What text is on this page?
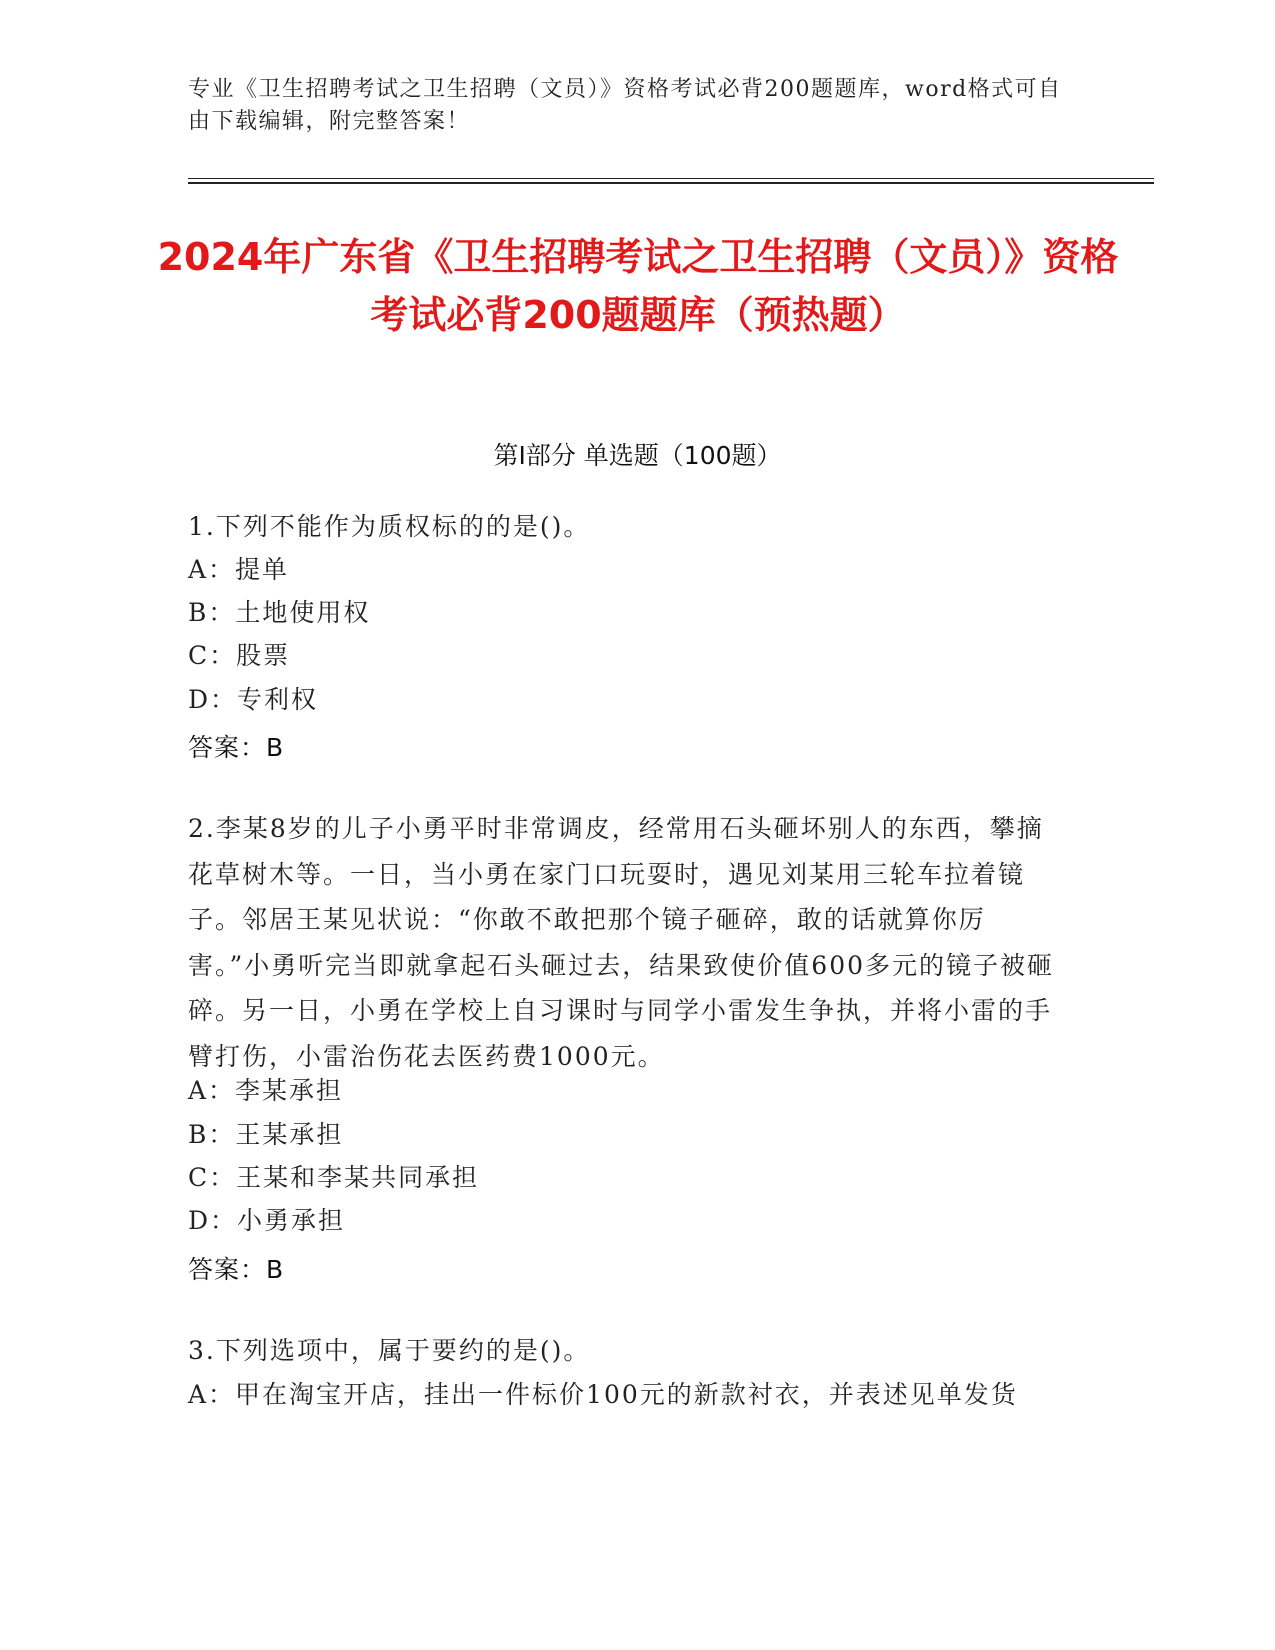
专业《卫生招聘考试之卫生招聘（文员）》资格考试必背200题题库，word格式可自由下载编辑，附完整答案！
2024年广东省《卫生招聘考试之卫生招聘（文员）》资格考试必背200题题库（预热题）
第I部分 单选题（100题）
1.下列不能作为质权标的的是()。
A：提单
B：土地使用权
C：股票
D：专利权
答案：B
2.李某8岁的儿子小勇平时非常调皮，经常用石头砸坏别人的东西，攀摘花草树木等。一日，当小勇在家门口玩耍时，遇见刘某用三轮车拉着镜子。邻居王某见状说：“你敢不敢把那个镜子砸碎，敢的话就算你厉害。”小勇听完当即就拿起石头砸过去，结果致使价值600多元的镜子被砸碎。另一日，小勇在学校上自习课时与同学小雷发生争执，并将小雷的手臂打伤，小雷治伤花去医药费1000元。
A：李某承担
B：王某承担
C：王某和李某共同承担
D：小勇承担
答案：B
3.下列选项中，属于要约的是()。
A：甲在淘宝开店，挂出一件标价100元的新款衬衣，并表述见单发货
